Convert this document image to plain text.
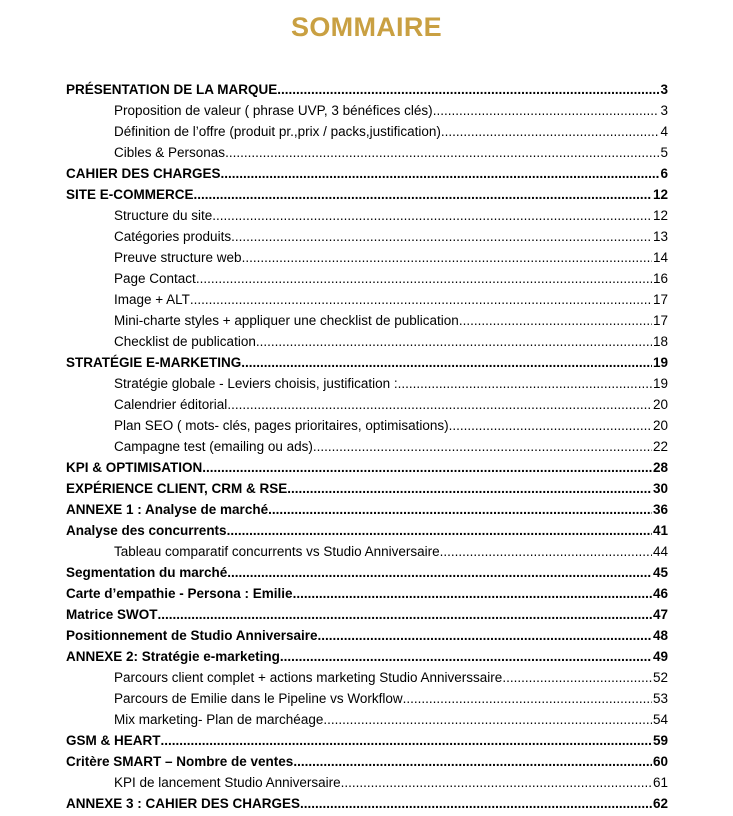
SOMMAIRE
PRÉSENTATION DE LA MARQUE .....	3
Proposition de valeur ( phrase UVP, 3 bénéfices clés) .....	3
Définition de l’offre (produit pr.,prix / packs,justification) .....	4
Cibles & Personas .....	5
CAHIER DES CHARGES .....	6
SITE E-COMMERCE .....	12
Structure du site .....	12
Catégories produits .....	13
Preuve structure web .....	14
Page Contact .....	16
Image + ALT .....	17
Mini-charte styles + appliquer une checklist de publication .....	17
Checklist de publication .....	18
STRATÉGIE E-MARKETING .....	19
Stratégie globale - Leviers choisis, justification : .....	19
Calendrier éditorial .....	20
Plan SEO ( mots- clés, pages prioritaires, optimisations) .....	20
Campagne test (emailing ou ads) .....	22
KPI & OPTIMISATION .....	28
EXPÉRIENCE CLIENT, CRM & RSE .....	30
ANNEXE 1 : Analyse de marché .....	36
Analyse des concurrents .....	41
Tableau comparatif concurrents vs Studio Anniversaire .....	44
Segmentation du marché .....	45
Carte d’empathie - Persona : Emilie .....	46
Matrice SWOT .....	47
Positionnement de Studio Anniversaire .....	48
ANNEXE 2: Stratégie e-marketing .....	49
Parcours client complet + actions marketing Studio Anniverssaire .....	52
Parcours de Emilie dans le Pipeline vs Workflow .....	53
Mix marketing- Plan de marchéage .....	54
GSM & HEART .....	59
Critère SMART – Nombre de ventes .....	60
KPI de lancement Studio Anniversaire .....	61
ANNEXE 3 : CAHIER DES CHARGES .....	62
